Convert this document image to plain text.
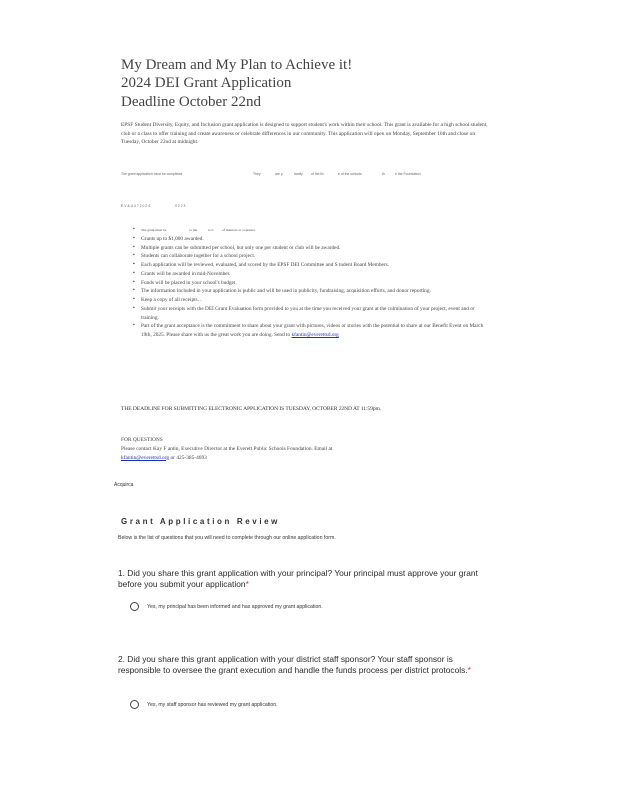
My Dream and My Plan to Achieve it!
2024 DEI Grant Application
Deadline October 22nd
EPSF Student Diversity, Equity, and Inclusion grant application is designed to support student's work within their school. This grant is available for a high school student, club or a class to offer training and create awareness or celebrate differences in our community. This application will open on Monday, September 16th and close on Tuesday, October 22nd at midnight.
The grant application must be completed	They	are p	family of the fiv	e of the schools	th	e the Foundation.
E V & U 4 7 2 0 2 4	0 2 2 3
▪ The grant must be	to the	to b	of mentors or a sponsor
▪ Grants up to $1,000 awarded.
▪ Multiple grants can be submitted per school, but only one per student or club will be awarded.
▪ Students can collaborate together for a school project.
▪ Each application will be reviewed, evaluated, and scored by the EPSF DEI Committee and S tudent Board Members.
▪ Grants will be awarded in mid-November.
▪ Funds will be placed in your school's budget.
▪ The information included in your application is public and will be used in publicity, fundraising, acquisition efforts, and donor reporting.
▪ Keep a copy of all receipts. .
▪ Submit your receipts with the DEI Grant Evaluation form provided to you at the time you received your grant at the culmination of your project, event and or training.
▪ Part of the grant acceptance is the commitment to share about your grant with pictures, videos or stories with the potential to share at our Benefit Event on March 19th, 2025. Please share with us the great work you are doing. Send to kfantin@everettsd.org
THE DEADLINE FOR SUBMITTING ELECTRONIC APPLICATION IS TUESDAY, OCTOBER 22ND AT 11:59pm.
FOR QUESTIONS
Please contact Kay F antin, Executive Director at the Everett Public Schools Foundation. Email at
kfantin@everettsd.org or 425-385-4693
Acquirca
Grant Application Review
Below is the list of questions that you will need to complete through our online application form.
1. Did you share this grant application with your principal? Your principal must approve your grant before you submit your application*
Yes, my principal has been informed and has approved my grant application.
2. Did you share this grant application with your district staff sponsor? Your staff sponsor is responsible to oversee the grant execution and handle the funds process per district protocols.*
Yes, my staff sponsor has reviewed my grant application.
